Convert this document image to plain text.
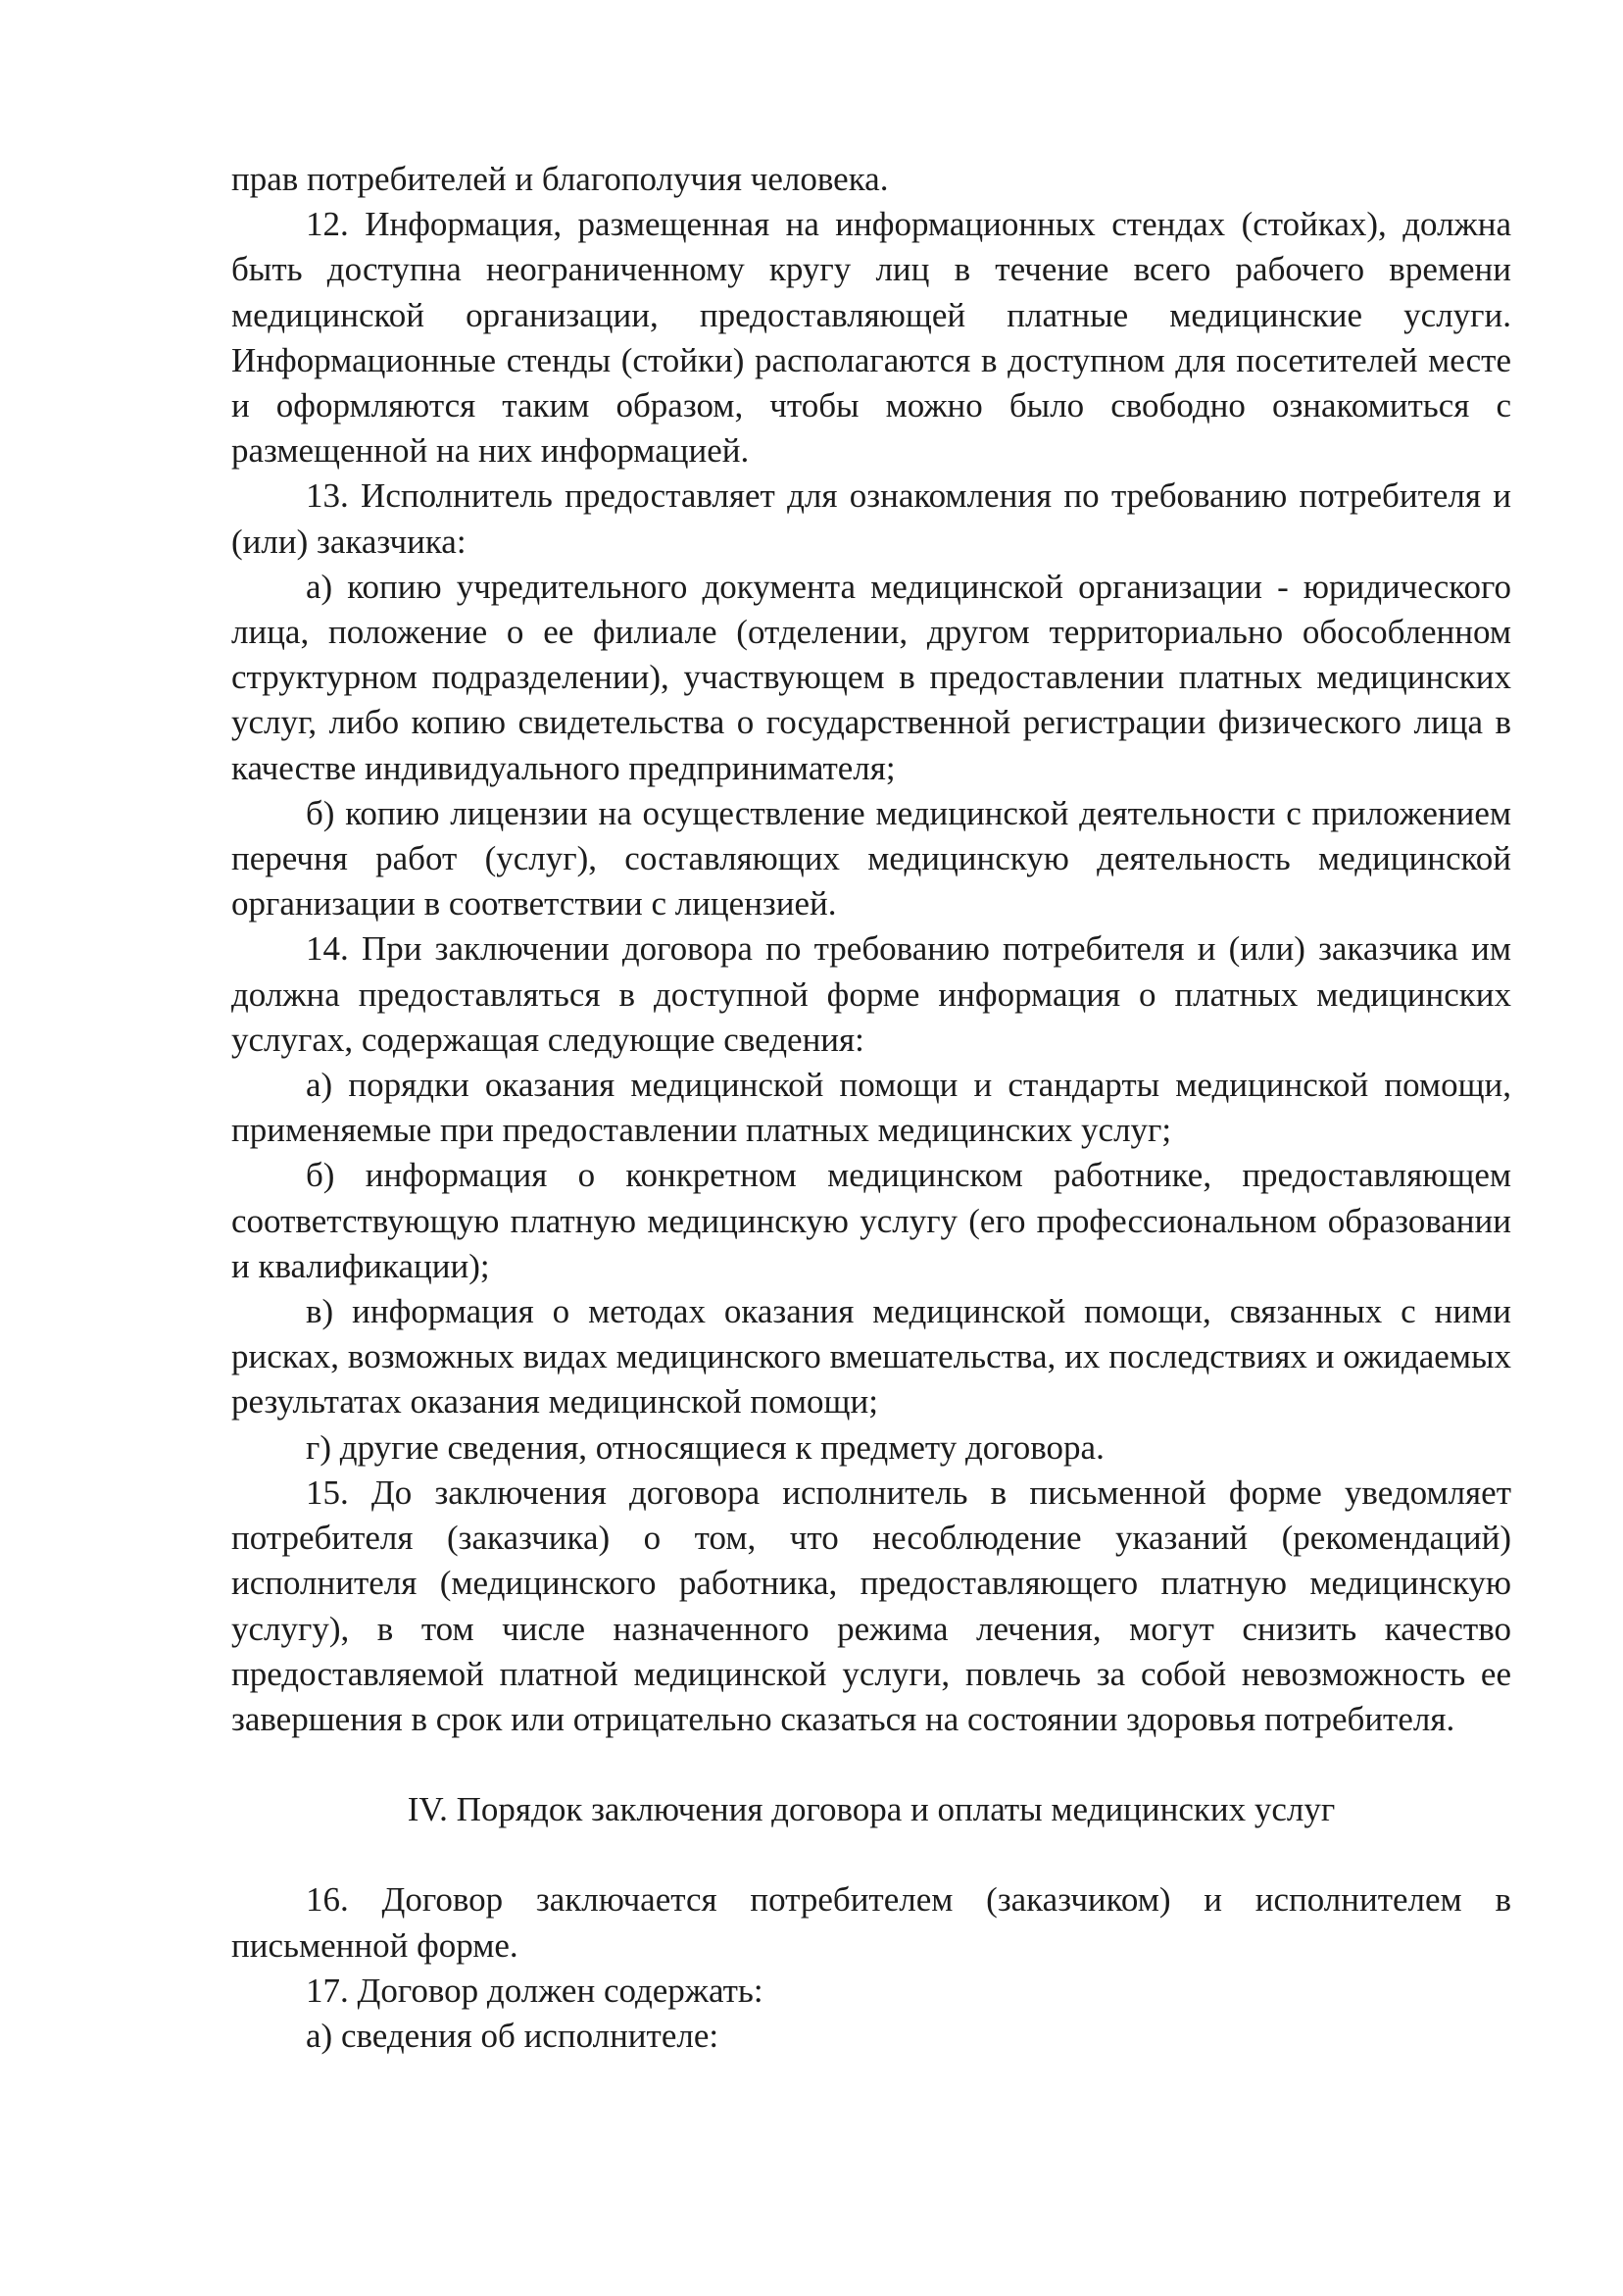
прав потребителей и благополучия человека.

12. Информация, размещенная на информационных стендах (стойках), должна быть доступна неограниченному кругу лиц в течение всего рабочего времени медицинской организации, предоставляющей платные медицинские услуги. Информационные стенды (стойки) располагаются в доступном для посетителей месте и оформляются таким образом, чтобы можно было свободно ознакомиться с размещенной на них информацией.

13. Исполнитель предоставляет для ознакомления по требованию потребителя и (или) заказчика:

а) копию учредительного документа медицинской организации - юридического лица, положение о ее филиале (отделении, другом территориально обособленном структурном подразделении), участвующем в предоставлении платных медицинских услуг, либо копию свидетельства о государственной регистрации физического лица в качестве индивидуального предпринимателя;

б) копию лицензии на осуществление медицинской деятельности с приложением перечня работ (услуг), составляющих медицинскую деятельность медицинской организации в соответствии с лицензией.

14. При заключении договора по требованию потребителя и (или) заказчика им должна предоставляться в доступной форме информация о платных медицинских услугах, содержащая следующие сведения:

а) порядки оказания медицинской помощи и стандарты медицинской помощи, применяемые при предоставлении платных медицинских услуг;

б) информация о конкретном медицинском работнике, предоставляющем соответствующую платную медицинскую услугу (его профессиональном образовании и квалификации);

в) информация о методах оказания медицинской помощи, связанных с ними рисках, возможных видах медицинского вмешательства, их последствиях и ожидаемых результатах оказания медицинской помощи;

г) другие сведения, относящиеся к предмету договора.

15. До заключения договора исполнитель в письменной форме уведомляет потребителя (заказчика) о том, что несоблюдение указаний (рекомендаций) исполнителя (медицинского работника, предоставляющего платную медицинскую услугу), в том числе назначенного режима лечения, могут снизить качество предоставляемой платной медицинской услуги, повлечь за собой невозможность ее завершения в срок или отрицательно сказаться на состоянии здоровья потребителя.

IV. Порядок заключения договора и оплаты медицинских услуг

16. Договор заключается потребителем (заказчиком) и исполнителем в письменной форме.

17. Договор должен содержать:

а) сведения об исполнителе:
